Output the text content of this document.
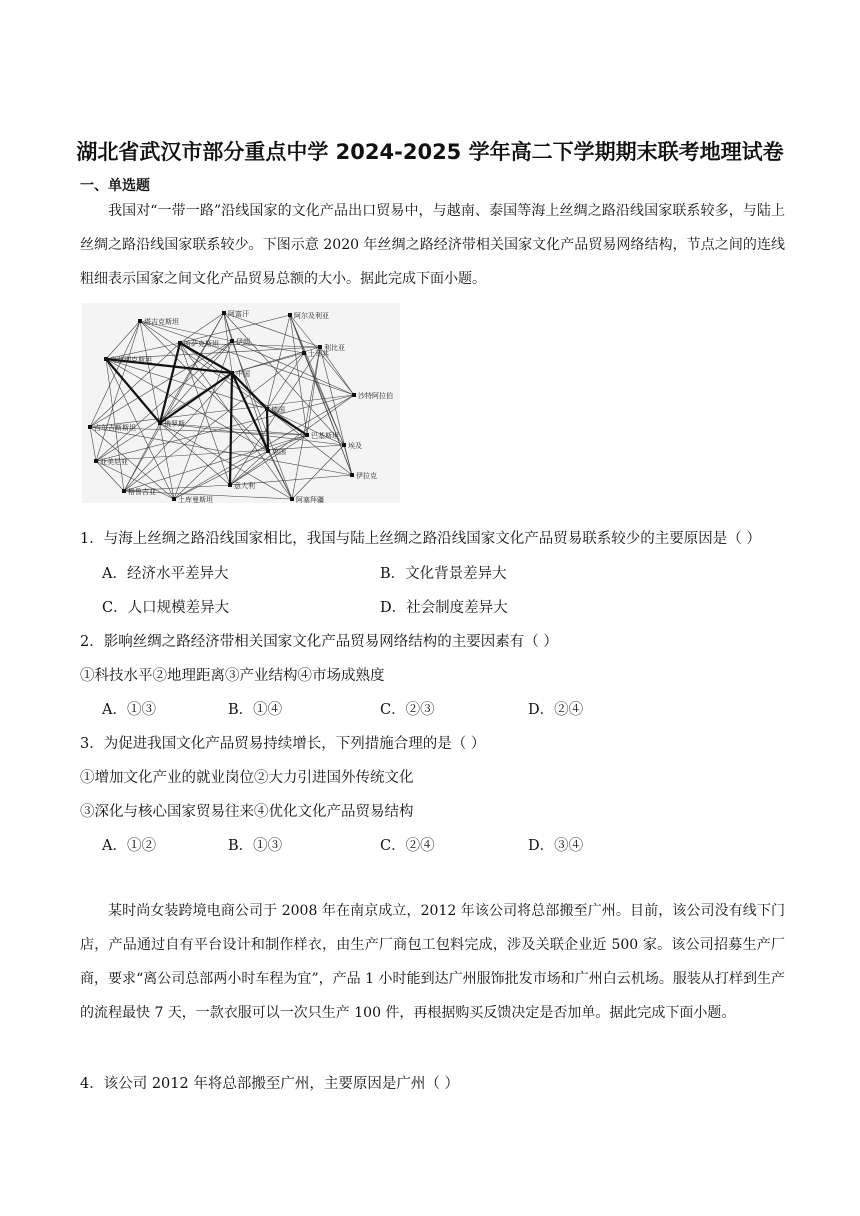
湖北省武汉市部分重点中学 2024-2025 学年高二下学期期末联考地理试卷
一、单选题
我国对“一带一路”沿线国家的文化产品出口贸易中，与越南、泰国等海上丝绸之路沿线国家联系较多，与陆上丝绸之路沿线国家联系较少。下图示意 2020 年丝绸之路经济带相关国家文化产品贸易网络结构，节点之间的连线粗细表示国家之间文化产品贸易总额的大小。据此完成下面小题。
塔吉克斯坦
阿富汗	阿尔及利亚
哈萨克斯坦 伊朗
乌兹别克斯坦
土耳其
利比亚
沙特阿拉伯
中国
德国
俄罗斯
吉尔吉斯斯坦
巴基斯坦
埃及
英国
亚美尼亚
意大利
伊拉克
格鲁吉亚
土库曼斯坦	阿塞拜疆
1．与海上丝绸之路沿线国家相比，我国与陆上丝绸之路沿线国家文化产品贸易联系较少的主要原因是（ ）
A．经济水平差异大	B．文化背景差异大
C．人口规模差异大	D．社会制度差异大
2．影响丝绸之路经济带相关国家文化产品贸易网络结构的主要因素有（ ）
①科技水平②地理距离③产业结构④市场成熟度
A．①③	B．①④	C．②③	D．②④
3．为促进我国文化产品贸易持续增长，下列措施合理的是（ ）
①增加文化产业的就业岗位②大力引进国外传统文化
③深化与核心国家贸易往来④优化文化产品贸易结构
A．①②	B．①③	C．②④	D．③④
某时尚女装跨境电商公司于 2008 年在南京成立，2012 年该公司将总部搬至广州。目前，该公司没有线下门店，产品通过自有平台设计和制作样衣，由生产厂商包工包料完成，涉及关联企业近 500 家。该公司招募生产厂商，要求“离公司总部两小时车程为宜”，产品 1 小时能到达广州服饰批发市场和广州白云机场。服装从打样到生产的流程最快 7 天，一款衣服可以一次只生产 100 件，再根据购买反馈决定是否加单。据此完成下面小题。
4．该公司 2012 年将总部搬至广州，主要原因是广州（ ）
